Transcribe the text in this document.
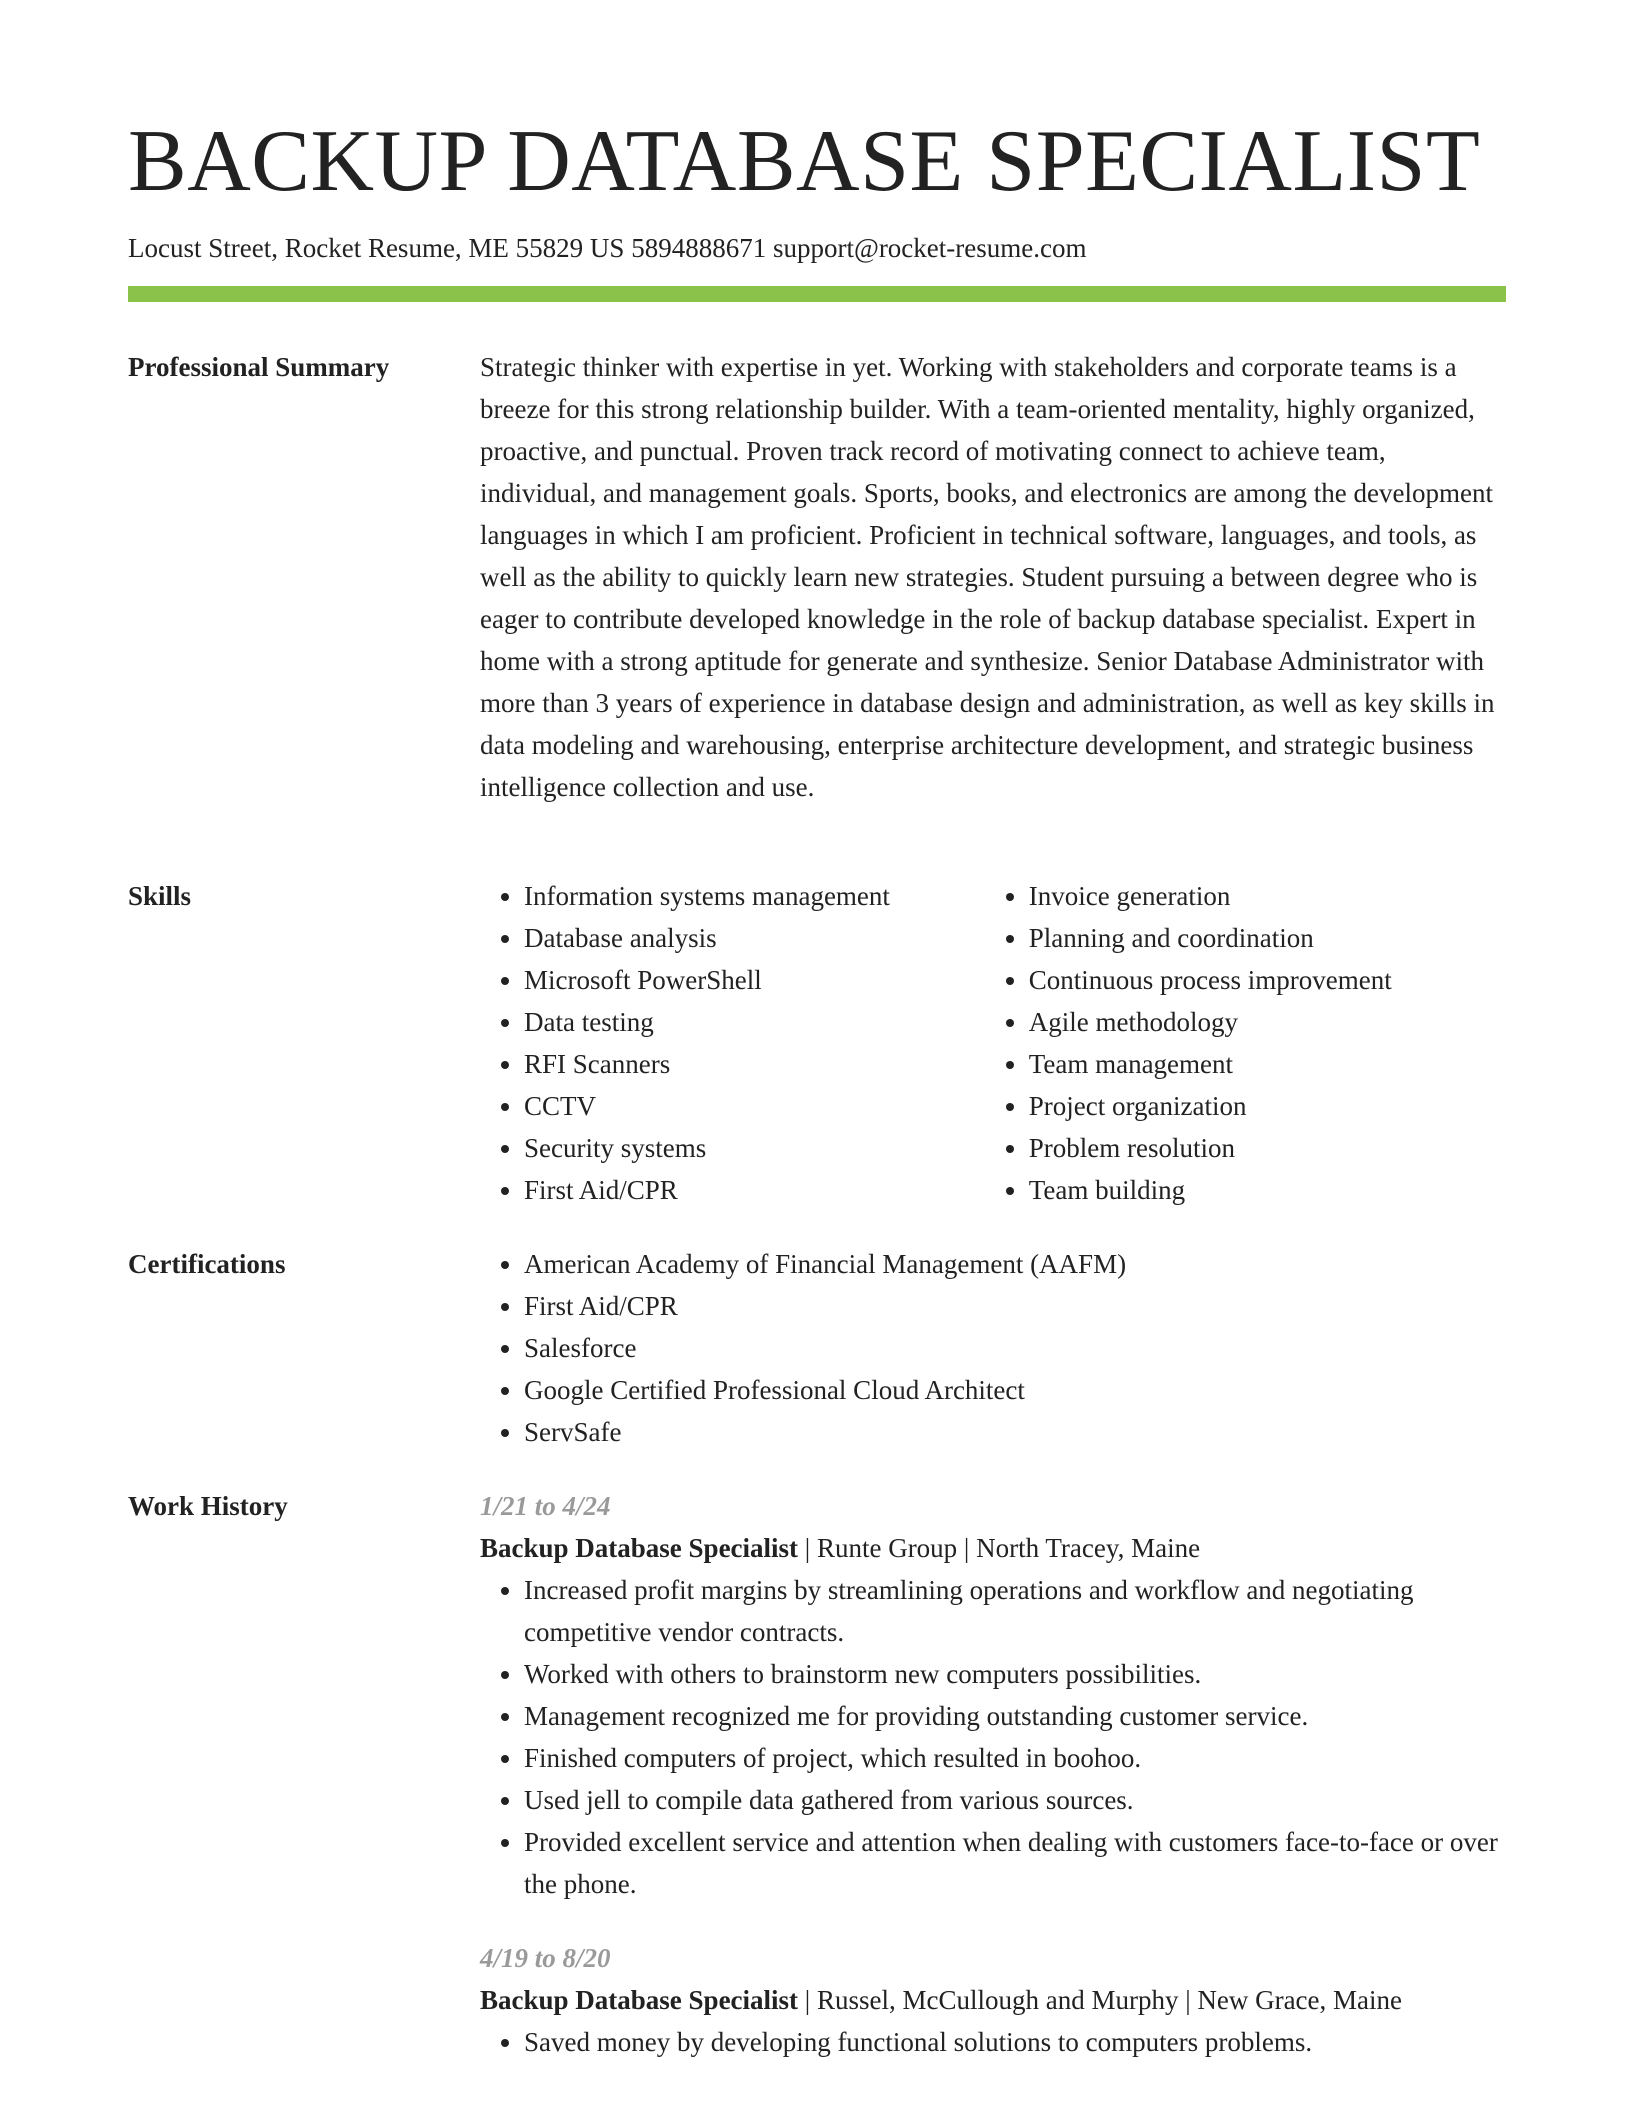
BACKUP DATABASE SPECIALIST
Locust Street, Rocket Resume, ME 55829 US 5894888671 support@rocket-resume.com
Professional Summary	Strategic thinker with expertise in yet. Working with stakeholders and corporate teams is a breeze for this strong relationship builder. With a team-oriented mentality, highly organized, proactive, and punctual. Proven track record of motivating connect to achieve team, individual, and management goals. Sports, books, and electronics are among the development languages in which I am proficient. Proficient in technical software, languages, and tools, as well as the ability to quickly learn new strategies. Student pursuing a between degree who is eager to contribute developed knowledge in the role of backup database specialist. Expert in home with a strong aptitude for generate and synthesize. Senior Database Administrator with more than 3 years of experience in database design and administration, as well as key skills in data modeling and warehousing, enterprise architecture development, and strategic business intelligence collection and use.

Skills	• Information systems management
• Database analysis
• Microsoft PowerShell
• Data testing
• RFI Scanners
• CCTV
• Security systems
• First Aid/CPR
• Invoice generation
• Planning and coordination
• Continuous process improvement
• Agile methodology
• Team management
• Project organization
• Problem resolution
• Team building
Certifications	• American Academy of Financial Management (AAFM)
• First Aid/CPR
• Salesforce
• Google Certified Professional Cloud Architect
• ServSafe
Work History	1/21 to 4/24
Backup Database Specialist | Runte Group | North Tracey, Maine
• Increased profit margins by streamlining operations and workflow and negotiating competitive vendor contracts.
• Worked with others to brainstorm new computers possibilities.
• Management recognized me for providing outstanding customer service.
• Finished computers of project, which resulted in boohoo.
• Used jell to compile data gathered from various sources.
• Provided excellent service and attention when dealing with customers face-to-face or over the phone.
4/19 to 8/20
Backup Database Specialist | Russel, McCullough and Murphy | New Grace, Maine
• Saved money by developing functional solutions to computers problems.
